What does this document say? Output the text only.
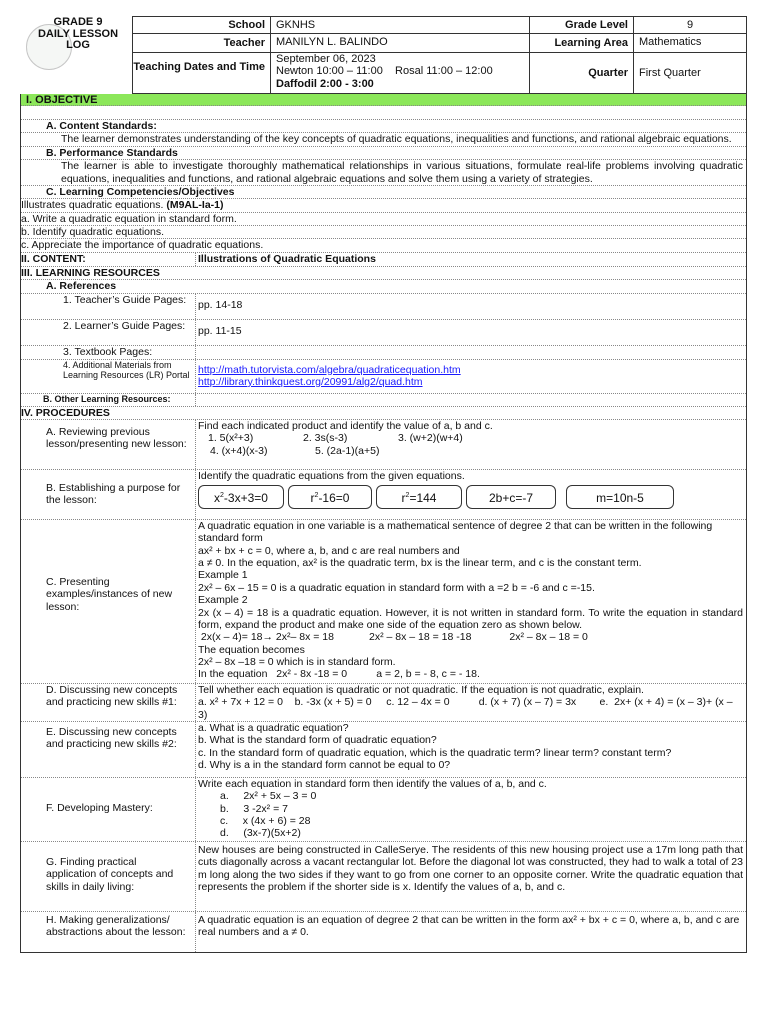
GRADE 9
DAILY LESSON LOG
School	GKNHS	Grade Level	9
Teacher	MANILYN L. BALINDO	Learning Area	Mathematics
Teaching Dates and Time
September 06, 2023
Newton 10:00 – 11:00    Rosal 11:00 – 12:00
Daffodil 2:00 - 3:00
Quarter	First Quarter
I. OBJECTIVE
A. Content Standards:
The learner demonstrates understanding of the key concepts of quadratic equations, inequalities and functions, and rational algebraic equations.
B. Performance Standards
The learner is able to investigate thoroughly mathematical relationships in various situations, formulate real-life problems involving quadratic equations, inequalities and functions, and rational algebraic equations and solve them using a variety of strategies.
C. Learning Competencies/Objectives
Illustrates quadratic equations. (M9AL-Ia-1)
a. Write a quadratic equation in standard form.
b. Identify quadratic equations.
c. Appreciate the importance of quadratic equations.
II. CONTENT:	Illustrations of Quadratic Equations
III. LEARNING RESOURCES
A. References
1. Teacher’s Guide Pages:	pp. 14-18
2. Learner’s Guide Pages:	pp. 11-15
3. Textbook Pages:
4. Additional Materials from Learning Resources (LR) Portal http://math.tutorvista.com/algebra/quadraticequation.htm
http://library.thinkquest.org/20991/alg2/quad.htm
B. Other Learning Resources:
IV. PROCEDURES
A. Reviewing previous lesson/presenting new lesson:
Find each indicated product and identify the value of a, b and c.
1. 5(x²+3)	2. 3s(s-3)	3. (w+2)(w+4)
4. (x+4)(x-3)	5. (2a-1)(a+5)
B. Establishing a purpose for the lesson:
Identify the quadratic equations from the given equations.
$x^2-3x+3=0$	$r^2-16=0$	$r^2=144$	2b+c=-7	m=10n-5
C. Presenting examples/instances of new lesson:
A quadratic equation in one variable is a mathematical sentence of degree 2 that can be written in the following standard form
ax² + bx + c = 0, where a, b, and c are real numbers and
a ≠ 0. In the equation, ax² is the quadratic term, bx is the linear term, and c is the constant term.
Example 1
2x² – 6x – 15 = 0 is a quadratic equation in standard form with a =2 b = -6 and c =-15.
Example 2
2x (x – 4) = 18 is a quadratic equation. However, it is not written in standard form. To write the equation in standard form, expand the product and make one side of the equation zero as shown below.
2x(x – 4)= 18→ 2x²– 8x = 18            2x² – 8x – 18 = 18 -18             2x² – 8x – 18 = 0
The equation becomes
2x² – 8x –18 = 0 which is in standard form.
In the equation   2x² - 8x -18 = 0          a = 2, b = - 8, c = - 18.
D. Discussing new concepts and practicing new skills #1:
Tell whether each equation is quadratic or not quadratic. If the equation is not quadratic, explain.
a. x² + 7x + 12 = 0    b. -3x (x + 5) = 0     c. 12 – 4x = 0          d. (x + 7) (x – 7) = 3x        e.  2x+ (x + 4) = (x – 3)+ (x – 3)
E. Discussing new concepts and practicing new skills #2:
a. What is a quadratic equation?
b. What is the standard form of quadratic equation?
c. In the standard form of quadratic equation, which is the quadratic term? linear term? constant term?
d. Why is a in the standard form cannot be equal to 0?
F. Developing Mastery:
Write each equation in standard form then identify the values of a, b, and c.
a.     2x² + 5x – 3 = 0
b.     3 -2x² = 7
c.     x (4x + 6) = 28
d.     (3x-7)(5x+2)
G. Finding practical application of concepts and skills in daily living:
New houses are being constructed in CalleSerye. The residents of this new housing project use a 17m long path that cuts diagonally across a vacant rectangular lot. Before the diagonal lot was constructed, they had to walk a total of 23 m long along the two sides if they want to go from one corner to an opposite corner. Write the quadratic equation that represents the problem if the shorter side is x. Identify the values of a, b, and c.
H. Making generalizations/ abstractions about the lesson:
A quadratic equation is an equation of degree 2 that can be written in the form ax² + bx + c = 0, where a, b, and c are real numbers and a ≠ 0.
